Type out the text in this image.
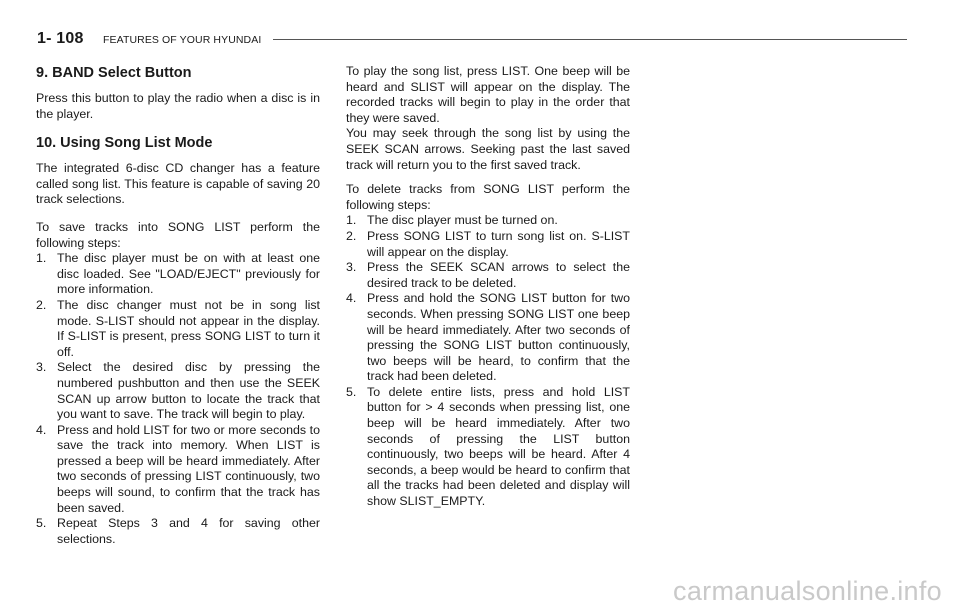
1- 108 FEATURES OF YOUR HYUNDAI
9. BAND Select Button

Press this button to play the radio when a disc is in the player.

10. Using Song List Mode

The integrated 6-disc CD changer has a feature called song list. This feature is capable of saving 20 track selections.

To save tracks into SONG LIST perform the following steps:

1. The disc player must be on with at least one disc loaded. See "LOAD/EJECT" previously for more information.
2. The disc changer must not be in song list mode. S-LIST should not appear in the display. If S-LIST is present, press SONG LIST to turn it off.
3. Select the desired disc by pressing the numbered pushbutton and then use the SEEK SCAN up arrow button to locate the track that you want to save. The track will begin to play.
4. Press and hold LIST for two or more seconds to save the track into memory. When LIST is pressed a beep will be heard immediately. After two seconds of pressing LIST continuously, two beeps will sound, to confirm that the track has been saved.
5. Repeat Steps 3 and 4 for saving other selections.

To play the song list, press LIST. One beep will be heard and SLIST will appear on the display. The recorded tracks will begin to play in the order that they were saved.

You may seek through the song list by using the SEEK SCAN arrows. Seeking past the last saved track will return you to the first saved track.

To delete tracks from SONG LIST perform the following steps:

1. The disc player must be turned on.
2. Press SONG LIST to turn song list on. S-LIST will appear on the display.
3. Press the SEEK SCAN arrows to select the desired track to be deleted.
4. Press and hold the SONG LIST button for two seconds. When pressing SONG LIST one beep will be heard immediately. After two seconds of pressing the SONG LIST button continuously, two beeps will be heard, to confirm that the track had been deleted.
5. To delete entire lists, press and hold LIST button for > 4 seconds when pressing list, one beep will be heard immediately. After two seconds of pressing the LIST button continuously, two beeps will be heard. After 4 seconds, a beep would be heard to confirm that all the tracks had been deleted and display will show SLIST_EMPTY.
carmanualsonline.info
